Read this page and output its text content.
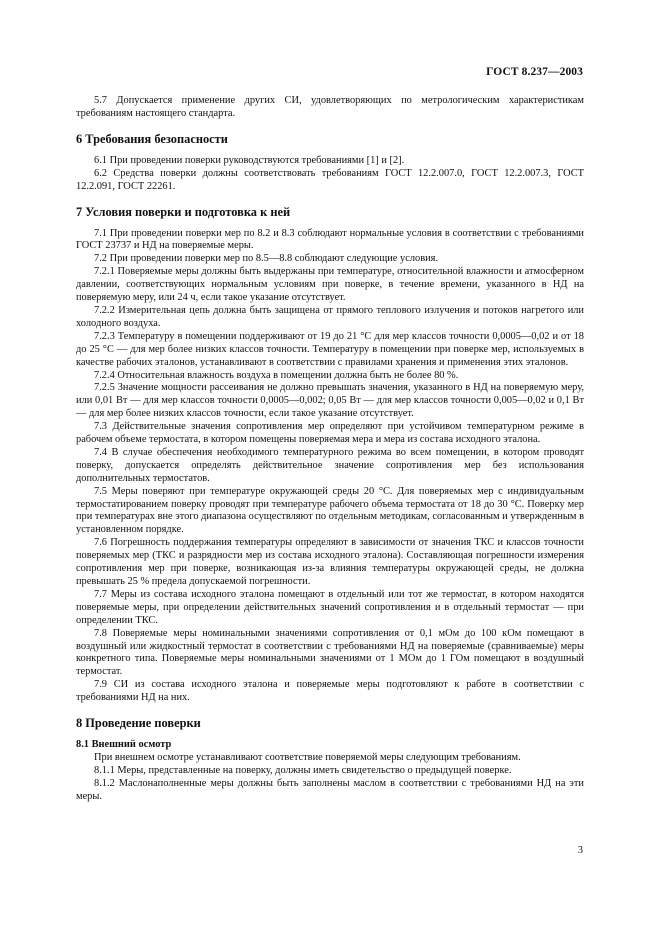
ГОСТ 8.237—2003
5.7 Допускается применение других СИ, удовлетворяющих по метрологическим характеристикам требованиям настоящего стандарта.
6 Требования безопасности
6.1 При проведении поверки руководствуются требованиями [1] и [2].
6.2 Средства поверки должны соответствовать требованиям ГОСТ 12.2.007.0, ГОСТ 12.2.007.3, ГОСТ 12.2.091, ГОСТ 22261.
7 Условия поверки и подготовка к ней
7.1 При проведении поверки мер по 8.2 и 8.3 соблюдают нормальные условия в соответствии с требованиями ГОСТ 23737 и НД на поверяемые меры.
7.2 При проведении поверки мер по 8.5—8.8 соблюдают следующие условия.
7.2.1 Поверяемые меры должны быть выдержаны при температуре, относительной влажности и атмосферном давлении, соответствующих нормальным условиям при поверке, в течение времени, указанного в НД на поверяемую меру, или 24 ч, если такое указание отсутствует.
7.2.2 Измерительная цепь должна быть защищена от прямого теплового излучения и потоков нагретого или холодного воздуха.
7.2.3 Температуру в помещении поддерживают от 19 до 21 °С для мер классов точности 0,0005—0,02 и от 18 до 25 °С — для мер более низких классов точности. Температуру в помещении при поверке мер, используемых в качестве рабочих эталонов, устанавливают в соответствии с правилами хранения и применения этих эталонов.
7.2.4 Относительная влажность воздуха в помещении должна быть не более 80 %.
7.2.5 Значение мощности рассеивания не должно превышать значения, указанного в НД на поверяемую меру, или 0,01 Вт — для мер классов точности 0,0005—0,002; 0,05 Вт — для мер классов точности 0,005—0,02 и 0,1 Вт — для мер более низких классов точности, если такое указание отсутствует.
7.3 Действительные значения сопротивления мер определяют при устойчивом температурном режиме в рабочем объеме термостата, в котором помещены поверяемая мера и мера из состава исходного эталона.
7.4 В случае обеспечения необходимого температурного режима во всем помещении, в котором проводят поверку, допускается определять действительное значение сопротивления мер без использования дополнительных термостатов.
7.5 Меры поверяют при температуре окружающей среды 20 °С. Для поверяемых мер с индивидуальным термостатированием поверку проводят при температуре рабочего объема термостата от 18 до 30 °С. Поверку мер при температурах вне этого диапазона осуществляют по отдельным методикам, согласованным и утвержденным в установленном порядке.
7.6 Погрешность поддержания температуры определяют в зависимости от значения ТКС и классов точности поверяемых мер (ТКС и разрядности мер из состава исходного эталона). Составляющая погрешности измерения сопротивления мер при поверке, возникающая из-за влияния температуры окружающей среды, не должна превышать 25 % предела допускаемой погрешности.
7.7 Меры из состава исходного эталона помещают в отдельный или тот же термостат, в котором находятся поверяемые меры, при определении действительных значений сопротивления и в отдельный термостат — при определении ТКС.
7.8 Поверяемые меры номинальными значениями сопротивления от 0,1 мОм до 100 кОм помещают в воздушный или жидкостный термостат в соответствии с требованиями НД на поверяемые (сравниваемые) меры конкретного типа. Поверяемые меры номинальными значениями от 1 МОм до 1 ГОм помещают в воздушный термостат.
7.9 СИ из состава исходного эталона и поверяемые меры подготовляют к работе в соответствии с требованиями НД на них.
8 Проведение поверки
8.1 Внешний осмотр
При внешнем осмотре устанавливают соответствие поверяемой меры следующим требованиям.
8.1.1 Меры, представленные на поверку, должны иметь свидетельство о предыдущей поверке.
8.1.2 Маслонаполненные меры должны быть заполнены маслом в соответствии с требованиями НД на эти меры.
3
